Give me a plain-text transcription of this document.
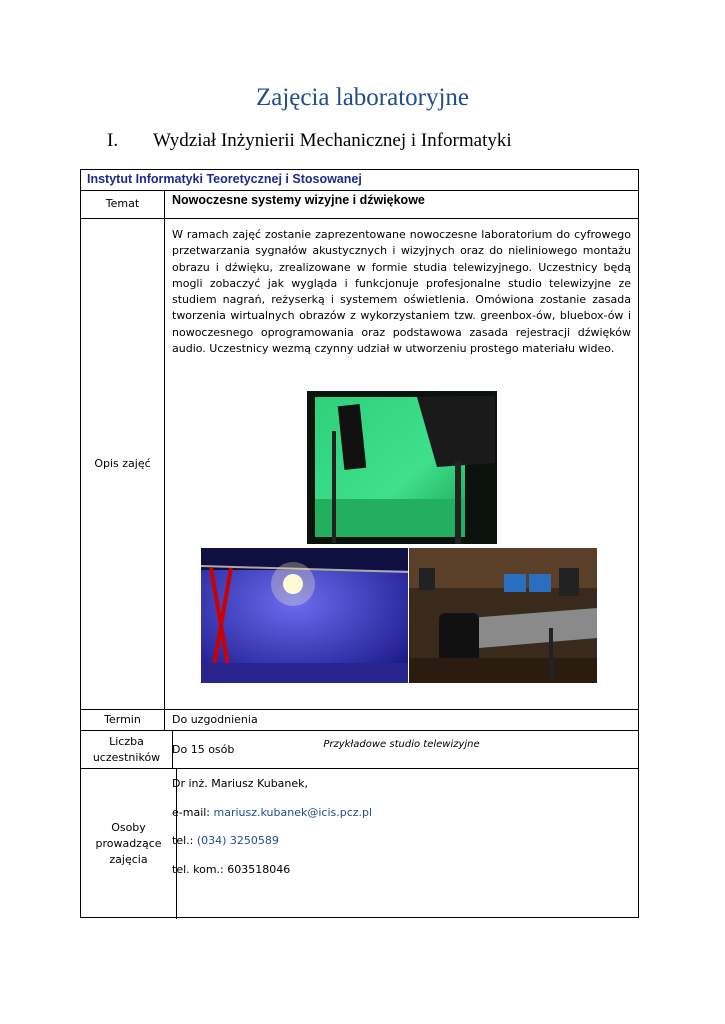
Zajęcia laboratoryjne
I. Wydział Inżynierii Mechanicznej i Informatyki
Instytut Informatyki Teoretycznej i Stosowanej
Temat	Nowoczesne systemy wizyjne i dźwiękowe
Opis zajęć
W ramach zajęć zostanie zaprezentowane nowoczesne laboratorium do cyfrowego przetwarzania sygnałów akustycznych i wizyjnych oraz do nieliniowego montażu obrazu i dźwięku, zrealizowane w formie studia telewizyjnego. Uczestnicy będą mogli zobaczyć jak wygląda i funkcjonuje profesjonalne studio telewizyjne ze studiem nagrań, reżyserką i systemem oświetlenia. Omówiona zostanie zasada tworzenia wirtualnych obrazów z wykorzystaniem tzw. greenbox-ów, bluebox-ów i nowoczesnego oprogramowania oraz podstawowa zasada rejestracji dźwięków audio. Uczestnicy wezmą czynny udział w utworzeniu prostego materiału wideo.
Przykładowe studio telewizyjne
Termin	Do uzgodnienia
Liczba uczestników
Do 15 osób
Osoby prowadzące zajęcia

Dr inż. Mariusz Kubanek,

e-mail: mariusz.kubanek@icis.pcz.pl

tel.: (034) 3250589

tel. kom.: 603518046
